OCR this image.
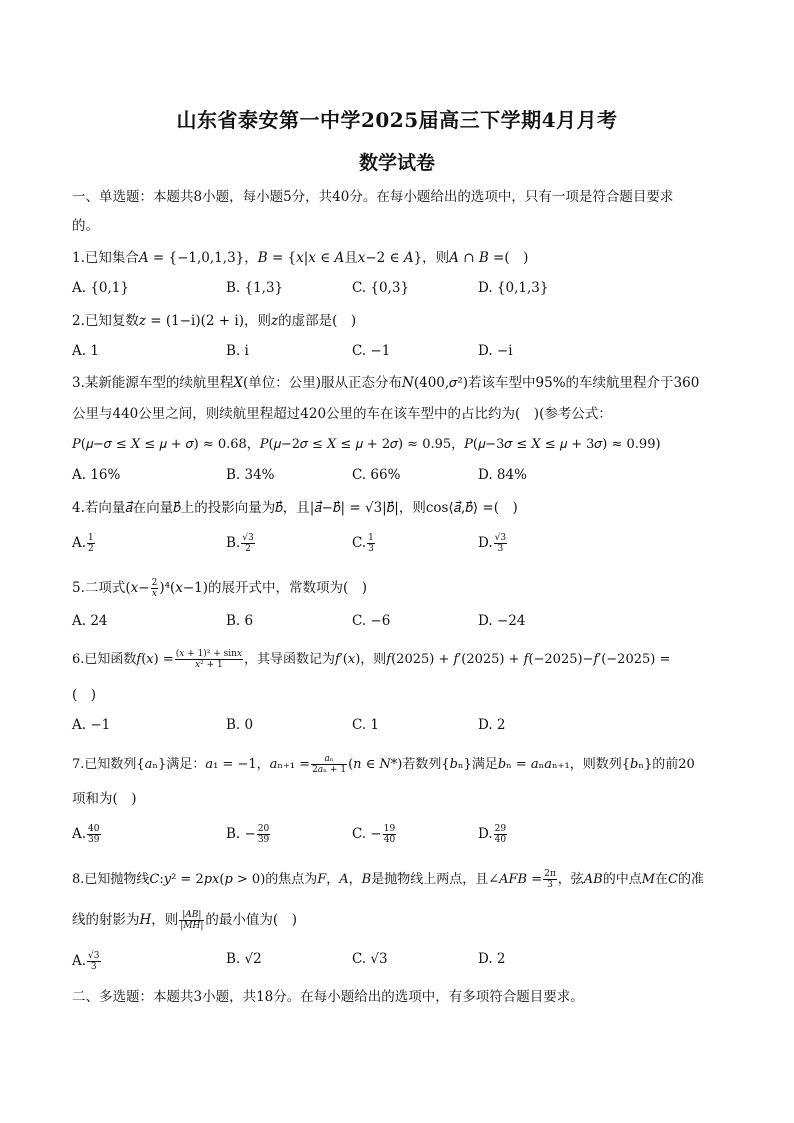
山东省泰安第一中学2025届高三下学期4月月考
数学试卷
一、单选题：本题共8小题，每小题5分，共40分。在每小题给出的选项中，只有一项是符合题目要求
的。
1.已知集合𝐴 = {−1,0,1,3}，𝐵 = {𝑥|𝑥 ∈ 𝐴且𝑥−2 ∈ 𝐴}，则𝐴 ∩ 𝐵 =(　)
A. {0,1}	B. {1,3}	C. {0,3}	D. {0,1,3}
2.已知复数𝑧 = (1−i)(2 + i)，则𝑧的虚部是(　)
A. 1	B. i	C. −1	D. −i
3.某新能源车型的续航里程𝑋(单位：公里)服从正态分布𝑁(400,𝜎²)若该车型中95%的车续航里程介于360
公里与440公里之间，则续航里程超过420公里的车在该车型中的占比约为(　)(参考公式：
𝑃(𝜇−𝜎 ≤ 𝑋 ≤ 𝜇 + 𝜎) ≈ 0.68，𝑃(𝜇−2𝜎 ≤ 𝑋 ≤ 𝜇 + 2𝜎) ≈ 0.95，𝑃(𝜇−3𝜎 ≤ 𝑋 ≤ 𝜇 + 3𝜎) ≈ 0.99)
A. 16%	B. 34%	C. 66%	D. 84%
4.若向量𝑎⃗在向量𝑏⃗上的投影向量为𝑏⃗，且|𝑎⃗−𝑏⃗| = √3|𝑏⃗|，则cos⟨𝑎⃗,𝑏⃗⟩ =(　)
A. $\frac{1}{2}$	B. $\frac{√3}{2}$	C. $\frac{1}{3}$	D. $\frac{√3}{3}$
5.二项式(𝑥− $\frac{2}{\text{𝑥}}$ )⁴(𝑥−1)的展开式中，常数项为(　)
A. 24	B. 6	C. −6	D. −24
6.已知函数𝑓(𝑥) = $\frac{\text{(𝑥 + 1)² + sin𝑥}}{\text{𝑥² + 1}}$ ，其导函数记为𝑓′(𝑥)，则𝑓(2025) + 𝑓′(2025) + 𝑓(−2025)−𝑓′(−2025) =
(　)
A. −1	B. 0	C. 1	D. 2
7.已知数列{𝑎ₙ}满足：𝑎₁ = −1，𝑎ₙ₊₁ = $\frac{\text{𝑎ₙ}}{\text{2𝑎ₙ + 1}}$ (𝑛 ∈ 𝑁*)若数列{𝑏ₙ}满足𝑏ₙ = 𝑎ₙ𝑎ₙ₊₁，则数列{𝑏ₙ}的前20
项和为(　)
A. $\frac{40}{39}$	B. − $\frac{20}{39}$	C. − $\frac{19}{40}$	D. $\frac{29}{40}$
8.已知抛物线𝐶:𝑦² = 2𝑝𝑥(𝑝 > 0)的焦点为𝐹，𝐴，𝐵是抛物线上两点，且∠𝐴𝐹𝐵 = $\frac{2\pi}{3}$ ，弦𝐴𝐵的中点𝑀在𝐶的准
线的射影为𝐻，则 $\frac{\text{|𝐴𝐵|}}{\text{|𝑀𝐻|}}$ 的最小值为(　)
A. $\frac{√3}{3}$	B. √2	C. √3	D. 2
二、多选题：本题共3小题，共18分。在每小题给出的选项中，有多项符合题目要求。
